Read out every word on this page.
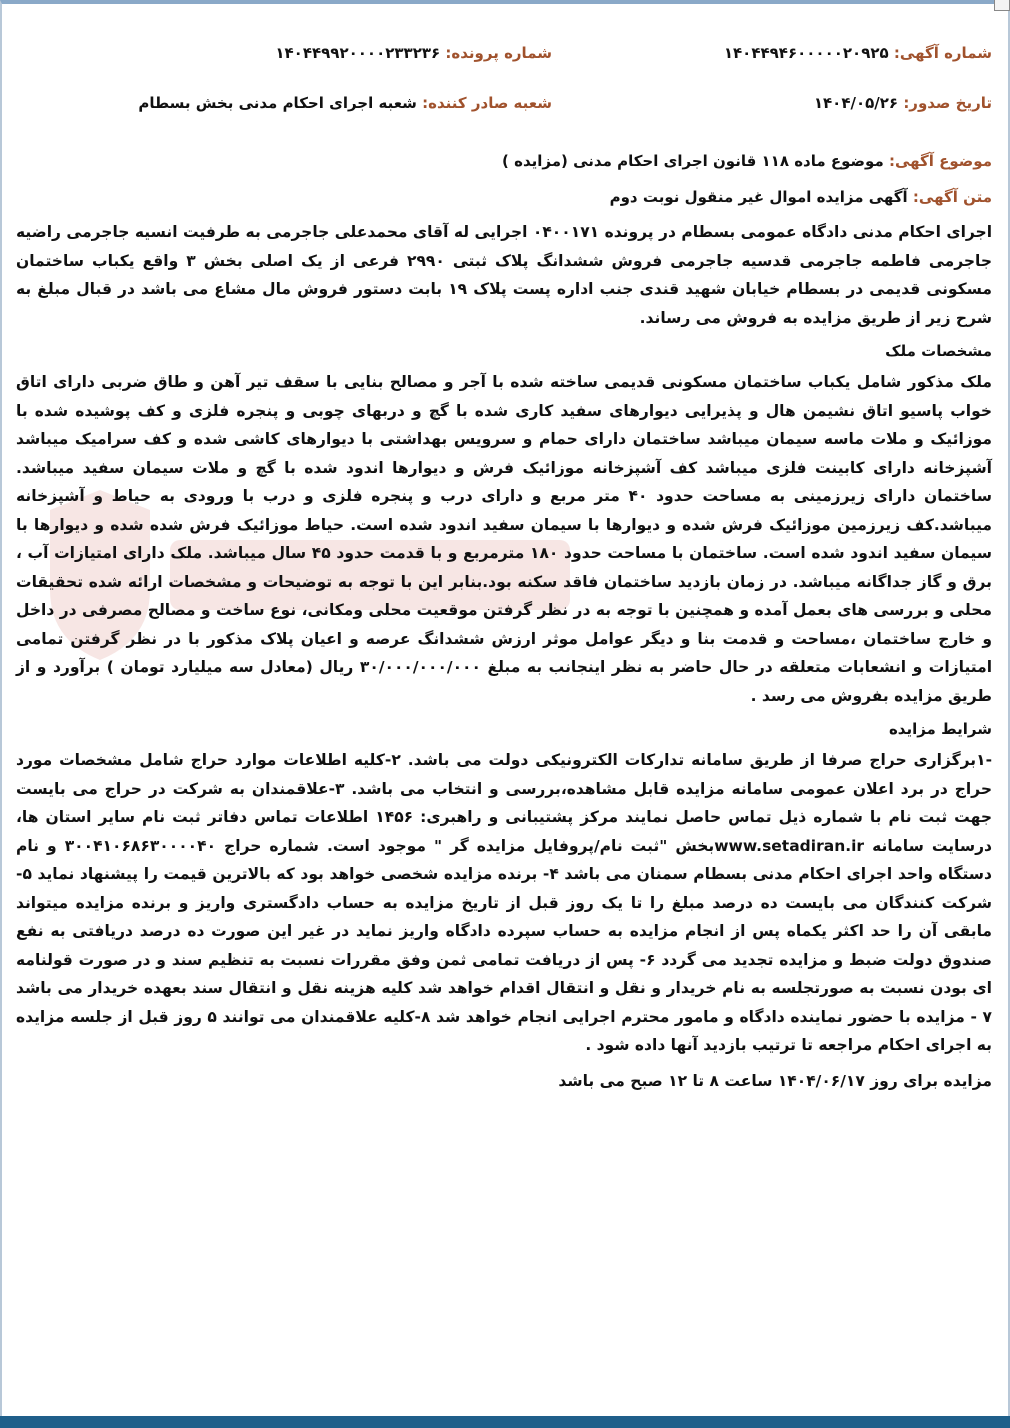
شماره آگهی: ۱۴۰۴۴۹۴۶۰۰۰۰۰۲۰۹۲۵
شماره پرونده: ۱۴۰۴۴۹۹۲۰۰۰۰۲۳۳۲۳۶
تاریخ صدور: ۱۴۰۴/۰۵/۲۶
شعبه صادر کننده: شعبه اجرای احکام مدنی بخش بسطام
موضوع آگهی: موضوع ماده ۱۱۸ قانون اجرای احکام مدنی (مزایده )
متن آگهی: آگهی مزایده اموال غیر منقول نوبت دوم

اجرای احکام مدنی دادگاه عمومی بسطام در پرونده ۰۴۰۰۱۷۱ اجرایی له آقای محمدعلی جاجرمی به طرفیت انسیه جاجرمی راضیه جاجرمی فاطمه جاجرمی قدسیه جاجرمی فروش ششدانگ پلاک ثبتی ۲۹۹۰ فرعی از یک اصلی بخش ۳ واقع یکباب ساختمان مسکونی قدیمی در بسطام خیابان شهید قندی جنب اداره پست پلاک ۱۹ بابت دستور فروش مال مشاع می باشد در قبال مبلغ به شرح زیر از طریق مزایده به فروش می رساند.

مشخصات ملک

ملک مذکور شامل یکباب ساختمان مسکونی قدیمی ساخته شده با آجر و مصالح بنایی با سقف تیر آهن و طاق ضربی دارای اتاق خواب پاسیو اتاق نشیمن هال و پذیرایی دیوارهای سفید کاری شده با گچ و دربهای چوبی و پنجره فلزی و کف پوشیده شده با موزائیک و ملات ماسه سیمان میباشد ساختمان دارای حمام و سرویس بهداشتی با دیوارهای کاشی شده و کف سرامیک میباشد آشپزخانه دارای کابینت فلزی میباشد کف آشپزخانه موزائیک فرش و دیوارها اندود شده با گچ و ملات سیمان سفید میباشد. ساختمان دارای زیرزمینی به مساحت حدود ۴۰ متر مربع و دارای درب و پنجره فلزی و درب با ورودی به حیاط و آشپزخانه میباشد.کف زیرزمین موزائیک فرش شده و دیوارها با سیمان سفید اندود شده است. حیاط موزائیک فرش شده شده و دیوارها با سیمان سفید اندود شده است. ساختمان با مساحت حدود ۱۸۰ مترمربع و با قدمت حدود ۴۵ سال میباشد. ملک دارای امتیازات آب ، برق و گاز جداگانه میباشد. در زمان بازدید ساختمان فاقد سکنه بود.بنابر این با توجه به توضیحات و مشخصات ارائه شده تحقیقات محلی و بررسی های بعمل آمده و همچنین با توجه به در نظر گرفتن موقعیت محلی ومکانی، نوع ساخت و مصالح مصرفی در داخل و خارج ساختمان ،مساحت و قدمت بنا و دیگر عوامل موثر ارزش ششدانگ عرصه و اعیان پلاک مذکور با در نظر گرفتن تمامی امتیازات و انشعابات متعلقه در حال حاضر به نظر اینجانب به مبلغ ۳۰/۰۰۰/۰۰۰/۰۰۰ ریال (معادل سه میلیارد تومان ) برآورد و از طریق مزایده بفروش می رسد .

شرایط مزایده

-۱برگزاری حراج صرفا از طریق سامانه تدارکات الکترونیکی دولت می باشد. ۲-کلیه اطلاعات موارد حراج شامل مشخصات مورد حراج در برد اعلان عمومی سامانه مزایده قابل مشاهده،بررسی و انتخاب می باشد. ۳-علاقمندان به شرکت در حراج می بایست جهت ثبت نام با شماره ذیل تماس حاصل نمایند مرکز پشتیبانی و راهبری: ۱۴۵۶ اطلاعات تماس دفاتر ثبت نام سایر استان ها، درسایت سامانه www.setadiran.irبخش "ثبت نام/پروفایل مزایده گر " موجود است. شماره حراج ۳۰۰۴۱۰۶۸۶۳۰۰۰۰۴۰ و نام دستگاه واحد اجرای احکام مدنی بسطام سمنان می باشد ۴- برنده مزایده شخصی خواهد بود که بالاترین قیمت را پیشنهاد نماید ۵- شرکت کنندگان می بایست ده درصد مبلغ را تا یک روز قبل از تاریخ مزایده به حساب دادگستری واریز و برنده مزایده میتواند مابقی آن را حد اکثر یکماه پس از انجام مزایده به حساب سپرده دادگاه واریز نماید در غیر این صورت ده درصد دریافتی به نفع صندوق دولت ضبط و مزایده تجدید می گردد ۶- پس از دریافت تمامی ثمن وفق مقررات نسبت به تنظیم سند و در صورت قولنامه ای بودن نسبت به صورتجلسه به نام خریدار و نقل و انتقال اقدام خواهد شد کلیه هزینه نقل و انتقال سند بعهده خریدار می باشد ۷ - مزایده با حضور نماینده دادگاه و مامور محترم اجرایی انجام خواهد شد ۸-کلیه علاقمندان می توانند ۵ روز قبل از جلسه مزایده به اجرای احکام مراجعه تا ترتیب بازدید آنها داده شود .

مزایده برای روز ۱۴۰۴/۰۶/۱۷ ساعت ۸ تا ۱۲ صبح می باشد
